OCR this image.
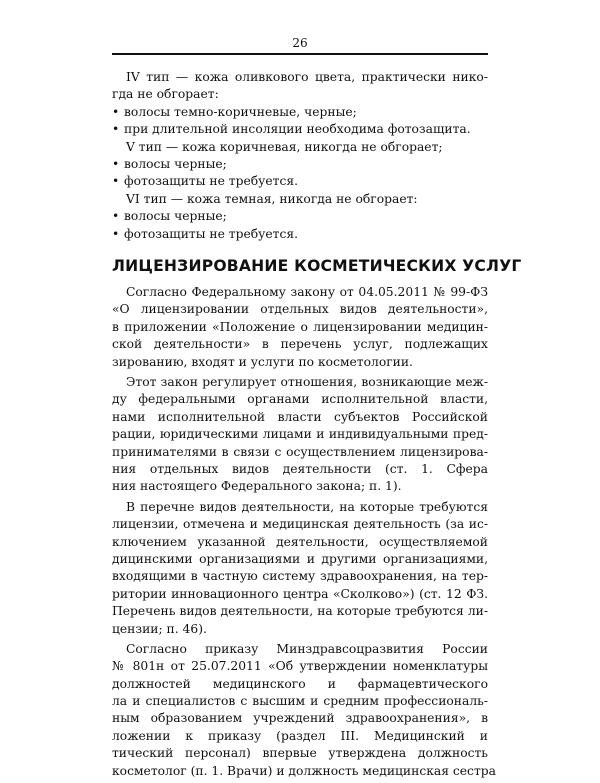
26
IV тип — кожа оливкового цвета, практически нико-
гда не обгорает:
• волосы темно-коричневые, черные;
• при длительной инсоляции необходима фотозащита.
V тип — кожа коричневая, никогда не обгорает;
• волосы черные;
• фотозащиты не требуется.
VI тип — кожа темная, никогда не обгорает:
• волосы черные;
• фотозащиты не требуется.
ЛИЦЕНЗИРОВАНИЕ КОСМЕТИЧЕСКИХ УСЛУГ
Согласно Федеральному закону от 04.05.2011 № 99-ФЗ
«О лицензировании отдельных видов деятельности»,
в приложении «Положение о лицензировании медицин-
ской деятельности» в перечень услуг, подлежащих
зированию, входят и услуги по косметологии.
Этот закон регулирует отношения, возникающие меж-
ду федеральными органами исполнительной власти,
нами исполнительной власти субъектов Российской
рации, юридическими лицами и индивидуальными пред-
принимателями в связи с осуществлением лицензирова-
ния отдельных видов деятельности (ст. 1. Сфера
ния настоящего Федерального закона; п. 1).
В перечне видов деятельности, на которые требуются
лицензии, отмечена и медицинская деятельность (за ис-
ключением указанной деятельности, осуществляемой
дицинскими организациями и другими организациями,
входящими в частную систему здравоохранения, на тер-
ритории инновационного центра «Сколково») (ст. 12 ФЗ.
Перечень видов деятельности, на которые требуются ли-
цензии; п. 46).
Согласно приказу Минздравсоцразвития России
№ 801н от 25.07.2011 «Об утверждении номенклатуры
должностей медицинского и фармацевтического
ла и специалистов с высшим и средним профессиональ-
ным образованием учреждений здравоохранения», в
ложении к приказу (раздел III. Медицинский и
тический персонал) впервые утверждена должность
косметолог (п. 1. Врачи) и должность медицинская сестра
